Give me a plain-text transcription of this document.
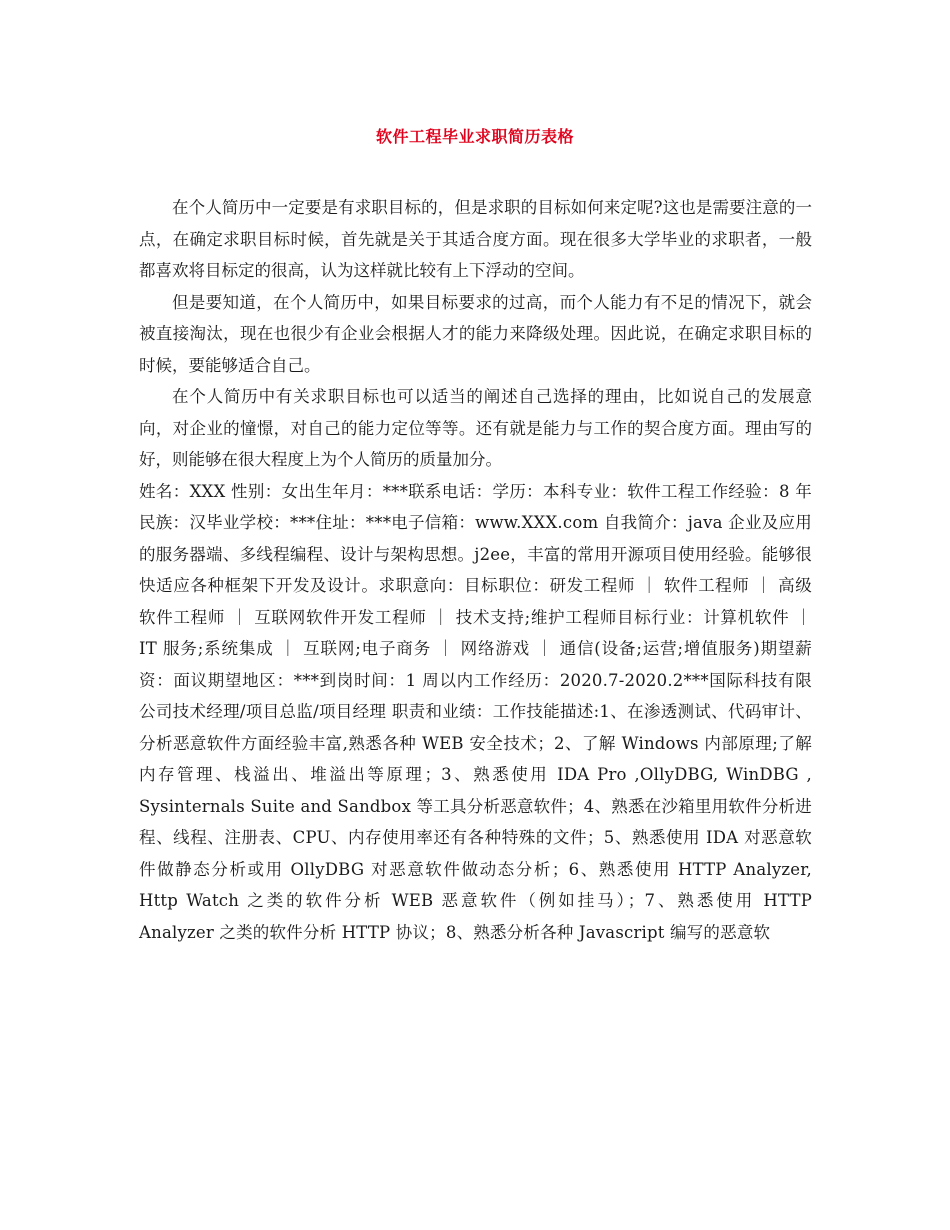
软件工程毕业求职简历表格

在个人简历中一定要是有求职目标的，但是求职的目标如何来定呢?这也是需要注意的一点，在确定求职目标时候，首先就是关于其适合度方面。现在很多大学毕业的求职者，一般都喜欢将目标定的很高，认为这样就比较有上下浮动的空间。

但是要知道，在个人简历中，如果目标要求的过高，而个人能力有不足的情况下，就会被直接淘汰，现在也很少有企业会根据人才的能力来降级处理。因此说，在确定求职目标的时候，要能够适合自己。

在个人简历中有关求职目标也可以适当的阐述自己选择的理由，比如说自己的发展意向，对企业的憧憬，对自己的能力定位等等。还有就是能力与工作的契合度方面。理由写的好，则能够在很大程度上为个人简历的质量加分。

姓名：XXX 性别：女出生年月：***联系电话：学历：本科专业：软件工程工作经验：8 年民族：汉毕业学校：***住址：***电子信箱：www.XXX.com 自我简介：java 企业及应用的服务器端、多线程编程、设计与架构思想。j2ee，丰富的常用开源项目使用经验。能够很快适应各种框架下开发及设计。求职意向：目标职位：研发工程师 ｜ 软件工程师 ｜ 高级软件工程师 ｜ 互联网软件开发工程师 ｜ 技术支持;维护工程师目标行业：计算机软件 ｜ IT 服务;系统集成 ｜ 互联网;电子商务 ｜ 网络游戏 ｜ 通信(设备;运营;增值服务)期望薪资：面议期望地区：***到岗时间：1 周以内工作经历：2020.7-2020.2***国际科技有限公司技术经理/项目总监/项目经理 职责和业绩：工作技能描述:1、在渗透测试、代码审计、分析恶意软件方面经验丰富,熟悉各种 WEB 安全技术；2、了解 Windows 内部原理;了解内存管理、栈溢出、堆溢出等原理；3、熟悉使用 IDA Pro ,OllyDBG, WinDBG , Sysinternals Suite and Sandbox 等工具分析恶意软件；4、熟悉在沙箱里用软件分析进程、线程、注册表、CPU、内存使用率还有各种特殊的文件；5、熟悉使用 IDA 对恶意软件做静态分析或用 OllyDBG 对恶意软件做动态分析；6、熟悉使用 HTTP Analyzer, Http Watch 之类的软件分析 WEB 恶意软件（例如挂马）；7、熟悉使用 HTTP Analyzer 之类的软件分析 HTTP 协议；8、熟悉分析各种 Javascript 编写的恶意软
